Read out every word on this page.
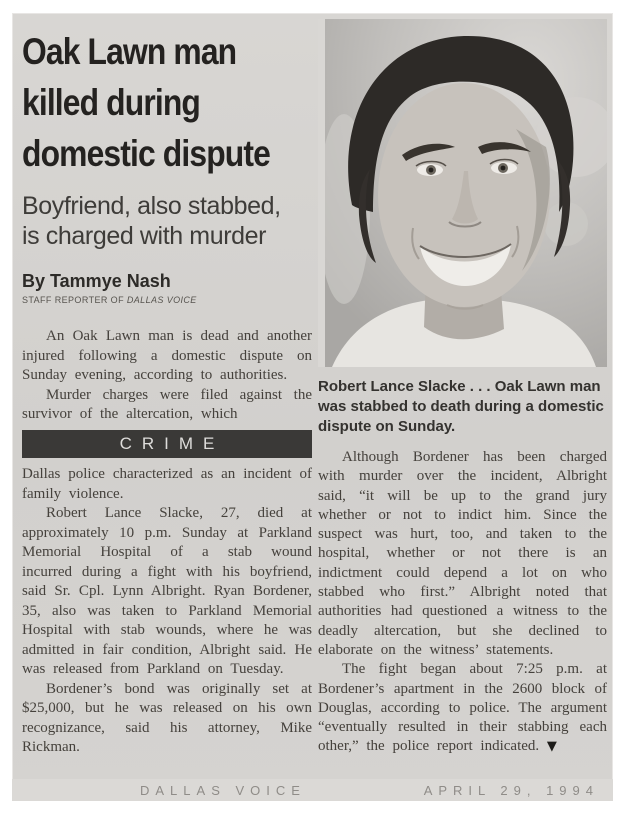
Oak Lawn man
killed during
domestic dispute
Boyfriend, also stabbed,
is charged with murder
By Tammye Nash
STAFF REPORTER OF DALLAS VOICE

An Oak Lawn man is dead and another injured following a domestic dispute on Sunday evening, according to authorities.

Murder charges were filed against the survivor of the altercation, which

CRIME

Dallas police characterized as an incident of family violence.

Robert Lance Slacke, 27, died at approximately 10 p.m. Sunday at Parkland Memorial Hospital of a stab wound incurred during a fight with his boyfriend, said Sr. Cpl. Lynn Albright. Ryan Bordener, 35, also was taken to Parkland Memorial Hospital with stab wounds, where he was admitted in fair condition, Albright said. He was released from Parkland on Tuesday.

Bordener’s bond was originally set at $25,000, but he was released on his own recognizance, said his attorney, Mike Rickman.

Robert Lance Slacke . . . Oak Lawn man was stabbed to death during a domestic dispute on Sunday.

Although Bordener has been charged with murder over the incident, Albright said, “it will be up to the grand jury whether or not to indict him. Since the suspect was hurt, too, and taken to the hospital, whether or not there is an indictment could depend a lot on who stabbed who first.” Albright noted that authorities had questioned a witness to the deadly altercation, but she declined to elaborate on the witness’ statements.

The fight began about 7:25 p.m. at Bordener’s apartment in the 2600 block of Douglas, according to police. The argument “eventually resulted in their stabbing each other,” the police report indicated. ▼

DALLAS VOICE	APRIL 29, 1994
